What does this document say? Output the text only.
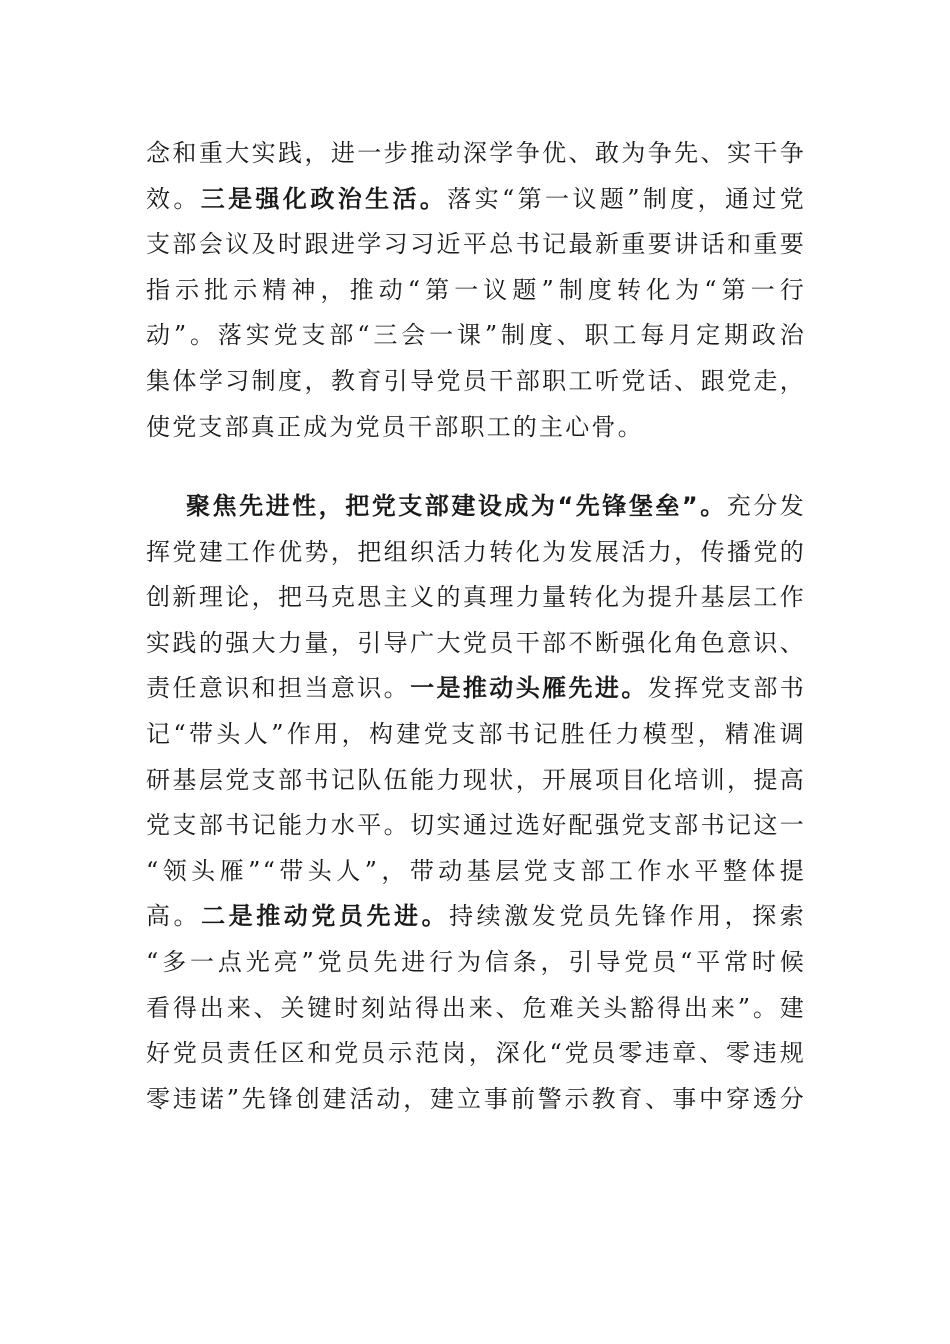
念和重大实践，进一步推动深学争优、敢为争先、实干争
效。三是强化政治生活。落实“第一议题”制度，通过党
支部会议及时跟进学习习近平总书记最新重要讲话和重要
指示批示精神，推动“第一议题”制度转化为“第一行
动”。落实党支部“三会一课”制度、职工每月定期政治
集体学习制度，教育引导党员干部职工听党话、跟党走，
使党支部真正成为党员干部职工的主心骨。
聚焦先进性，把党支部建设成为“先锋堡垒”。充分发
挥党建工作优势，把组织活力转化为发展活力，传播党的
创新理论，把马克思主义的真理力量转化为提升基层工作
实践的强大力量，引导广大党员干部不断强化角色意识、
责任意识和担当意识。一是推动头雁先进。发挥党支部书
记“带头人”作用，构建党支部书记胜任力模型，精准调
研基层党支部书记队伍能力现状，开展项目化培训，提高
党支部书记能力水平。切实通过选好配强党支部书记这一
“领头雁”“带头人”，带动基层党支部工作水平整体提
高。二是推动党员先进。持续激发党员先锋作用，探索
“多一点光亮”党员先进行为信条，引导党员“平常时候
看得出来、关键时刻站得出来、危难关头豁得出来”。建
好党员责任区和党员示范岗，深化“党员零违章、零违规
零违诺”先锋创建活动，建立事前警示教育、事中穿透分
